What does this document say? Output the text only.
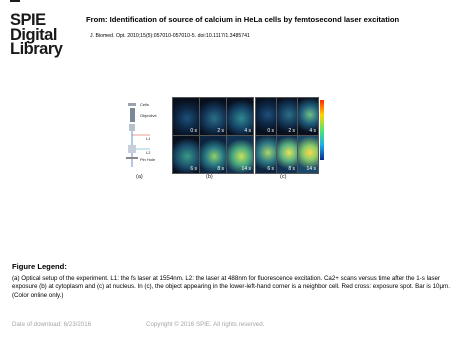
SPIE
Digital
Library
From: Identification of source of calcium in HeLa cells by femtosecond laser excitation
J. Biomed. Opt. 2010;15(5):057010-057010-5. doi:10.1117/1.3485741
Cells
Objective
L1
L2
Pin Hole
0 s	2 s	4 s
6 s	8 s	14 s
0 s	2 s	4 s
6 s	8 s 14 s
(a)	(b)	(c)
Figure Legend:
(a) Optical setup of the experiment. L1: the fs laser at 1554nm. L2: the laser at 488nm for fluorescence excitation. Ca2+ scans versus time after the 1-s laser exposure (b) at cytoplasm and (c) at nucleus. In (c), the object appearing in the lower-left-hand corner is a neighbor cell. Red cross: exposure spot. Bar is 10μm. (Color online only.)
Date of download: 6/23/2016	Copyright © 2016 SPIE. All rights reserved.
